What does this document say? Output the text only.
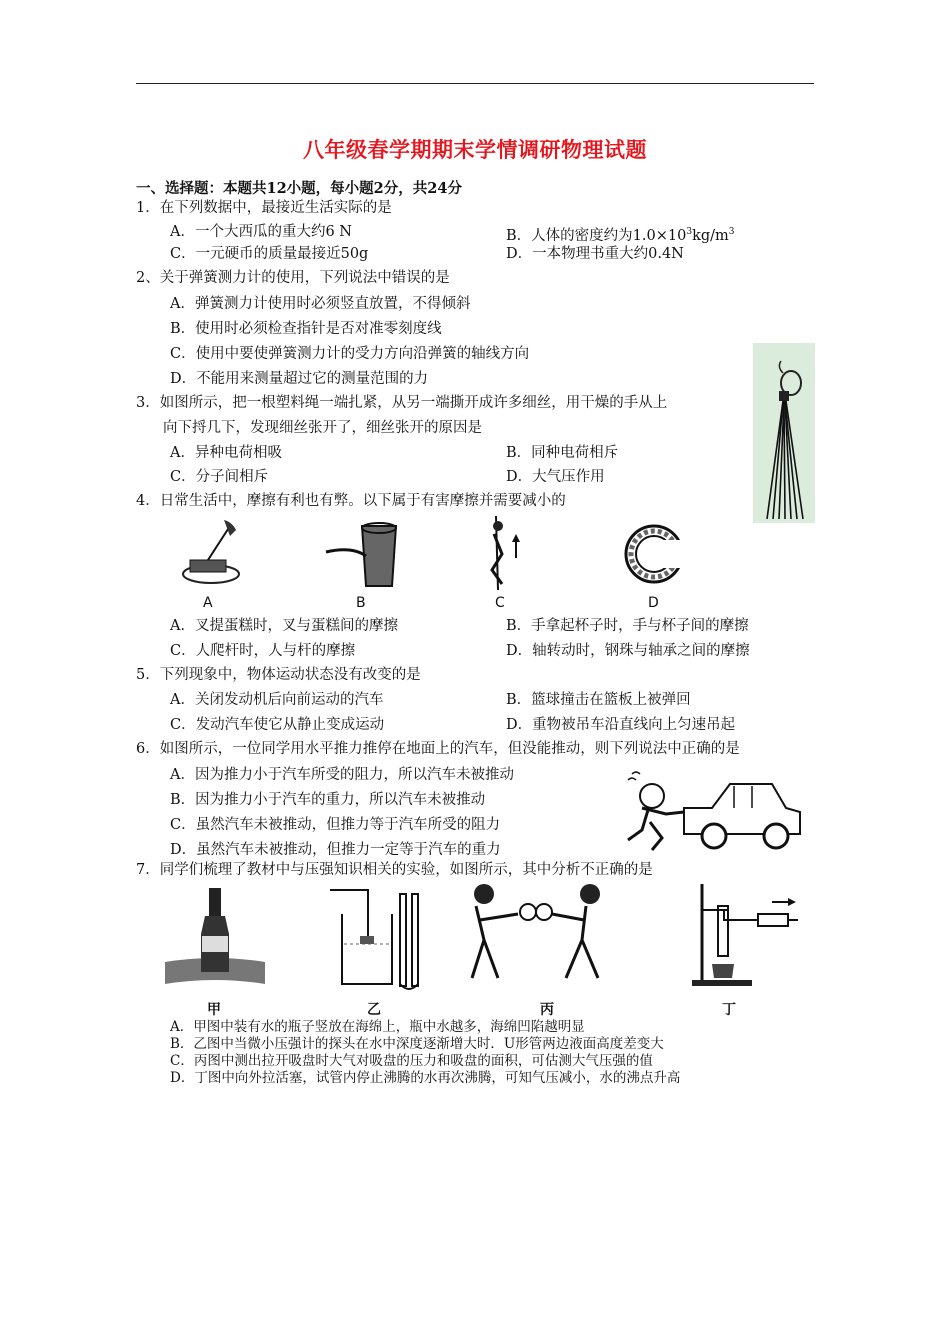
八年级春学期期末学情调研物理试题
一、选择题：本题共12小题，每小题2分，共24分
1．在下列数据中，最接近生活实际的是
A．一个大西瓜的重大约6 N	B．人体的密度约为$1.0\times 10^3kg/m^3$
C．一元硬币的质量最接近50g	D．一本物理书重大约0.4N
2、关于弹簧测力计的使用，下列说法中错误的是
A．弹簧测力计使用时必须竖直放置，不得倾斜
B．使用时必须检查指针是否对准零刻度线
C．使用中要使弹簧测力计的受力方向沿弹簧的轴线方向
D．不能用来测量超过它的测量范围的力
3．如图所示，把一根塑料绳一端扎紧，从另一端撕开成许多细丝，用干燥的手从上
向下捋几下，发现细丝张开了，细丝张开的原因是
A．异种电荷相吸	B．同种电荷相斥
C．分子间相斥	D．大气压作用
4．日常生活中，摩擦有利也有弊。以下属于有害摩擦并需要减小的
A	B	C	D
A．叉提蛋糕时，叉与蛋糕间的摩擦	B．手拿起杯子时，手与杯子间的摩擦
C．人爬杆时，人与杆的摩擦	D．轴转动时，钢珠与轴承之间的摩擦
5．下列现象中，物体运动状态没有改变的是
A．关闭发动机后向前运动的汽车	B．篮球撞击在篮板上被弹回
C．发动汽车使它从静止变成运动	D．重物被吊车沿直线向上匀速吊起
6．如图所示，一位同学用水平推力推停在地面上的汽车，但没能推动，则下列说法中正确的是
A．因为推力小于汽车所受的阻力，所以汽车未被推动
B．因为推力小于汽车的重力，所以汽车未被推动
C．虽然汽车未被推动，但推力等于汽车所受的阻力
D．虽然汽车未被推动，但推力一定等于汽车的重力
7．同学们梳理了教材中与压强知识相关的实验，如图所示，其中分析不正确的是
甲	乙	丙	丁
A．甲图中装有水的瓶子竖放在海绵上，瓶中水越多，海绵凹陷越明显
B．乙图中当微小压强计的探头在水中深度逐渐增大时．U形管两边液面高度差变大
C．丙图中测出拉开吸盘时大气对吸盘的压力和吸盘的面积，可估测大气压强的值
D．丁图中向外拉活塞，试管内停止沸腾的水再次沸腾，可知气压减小，水的沸点升高
